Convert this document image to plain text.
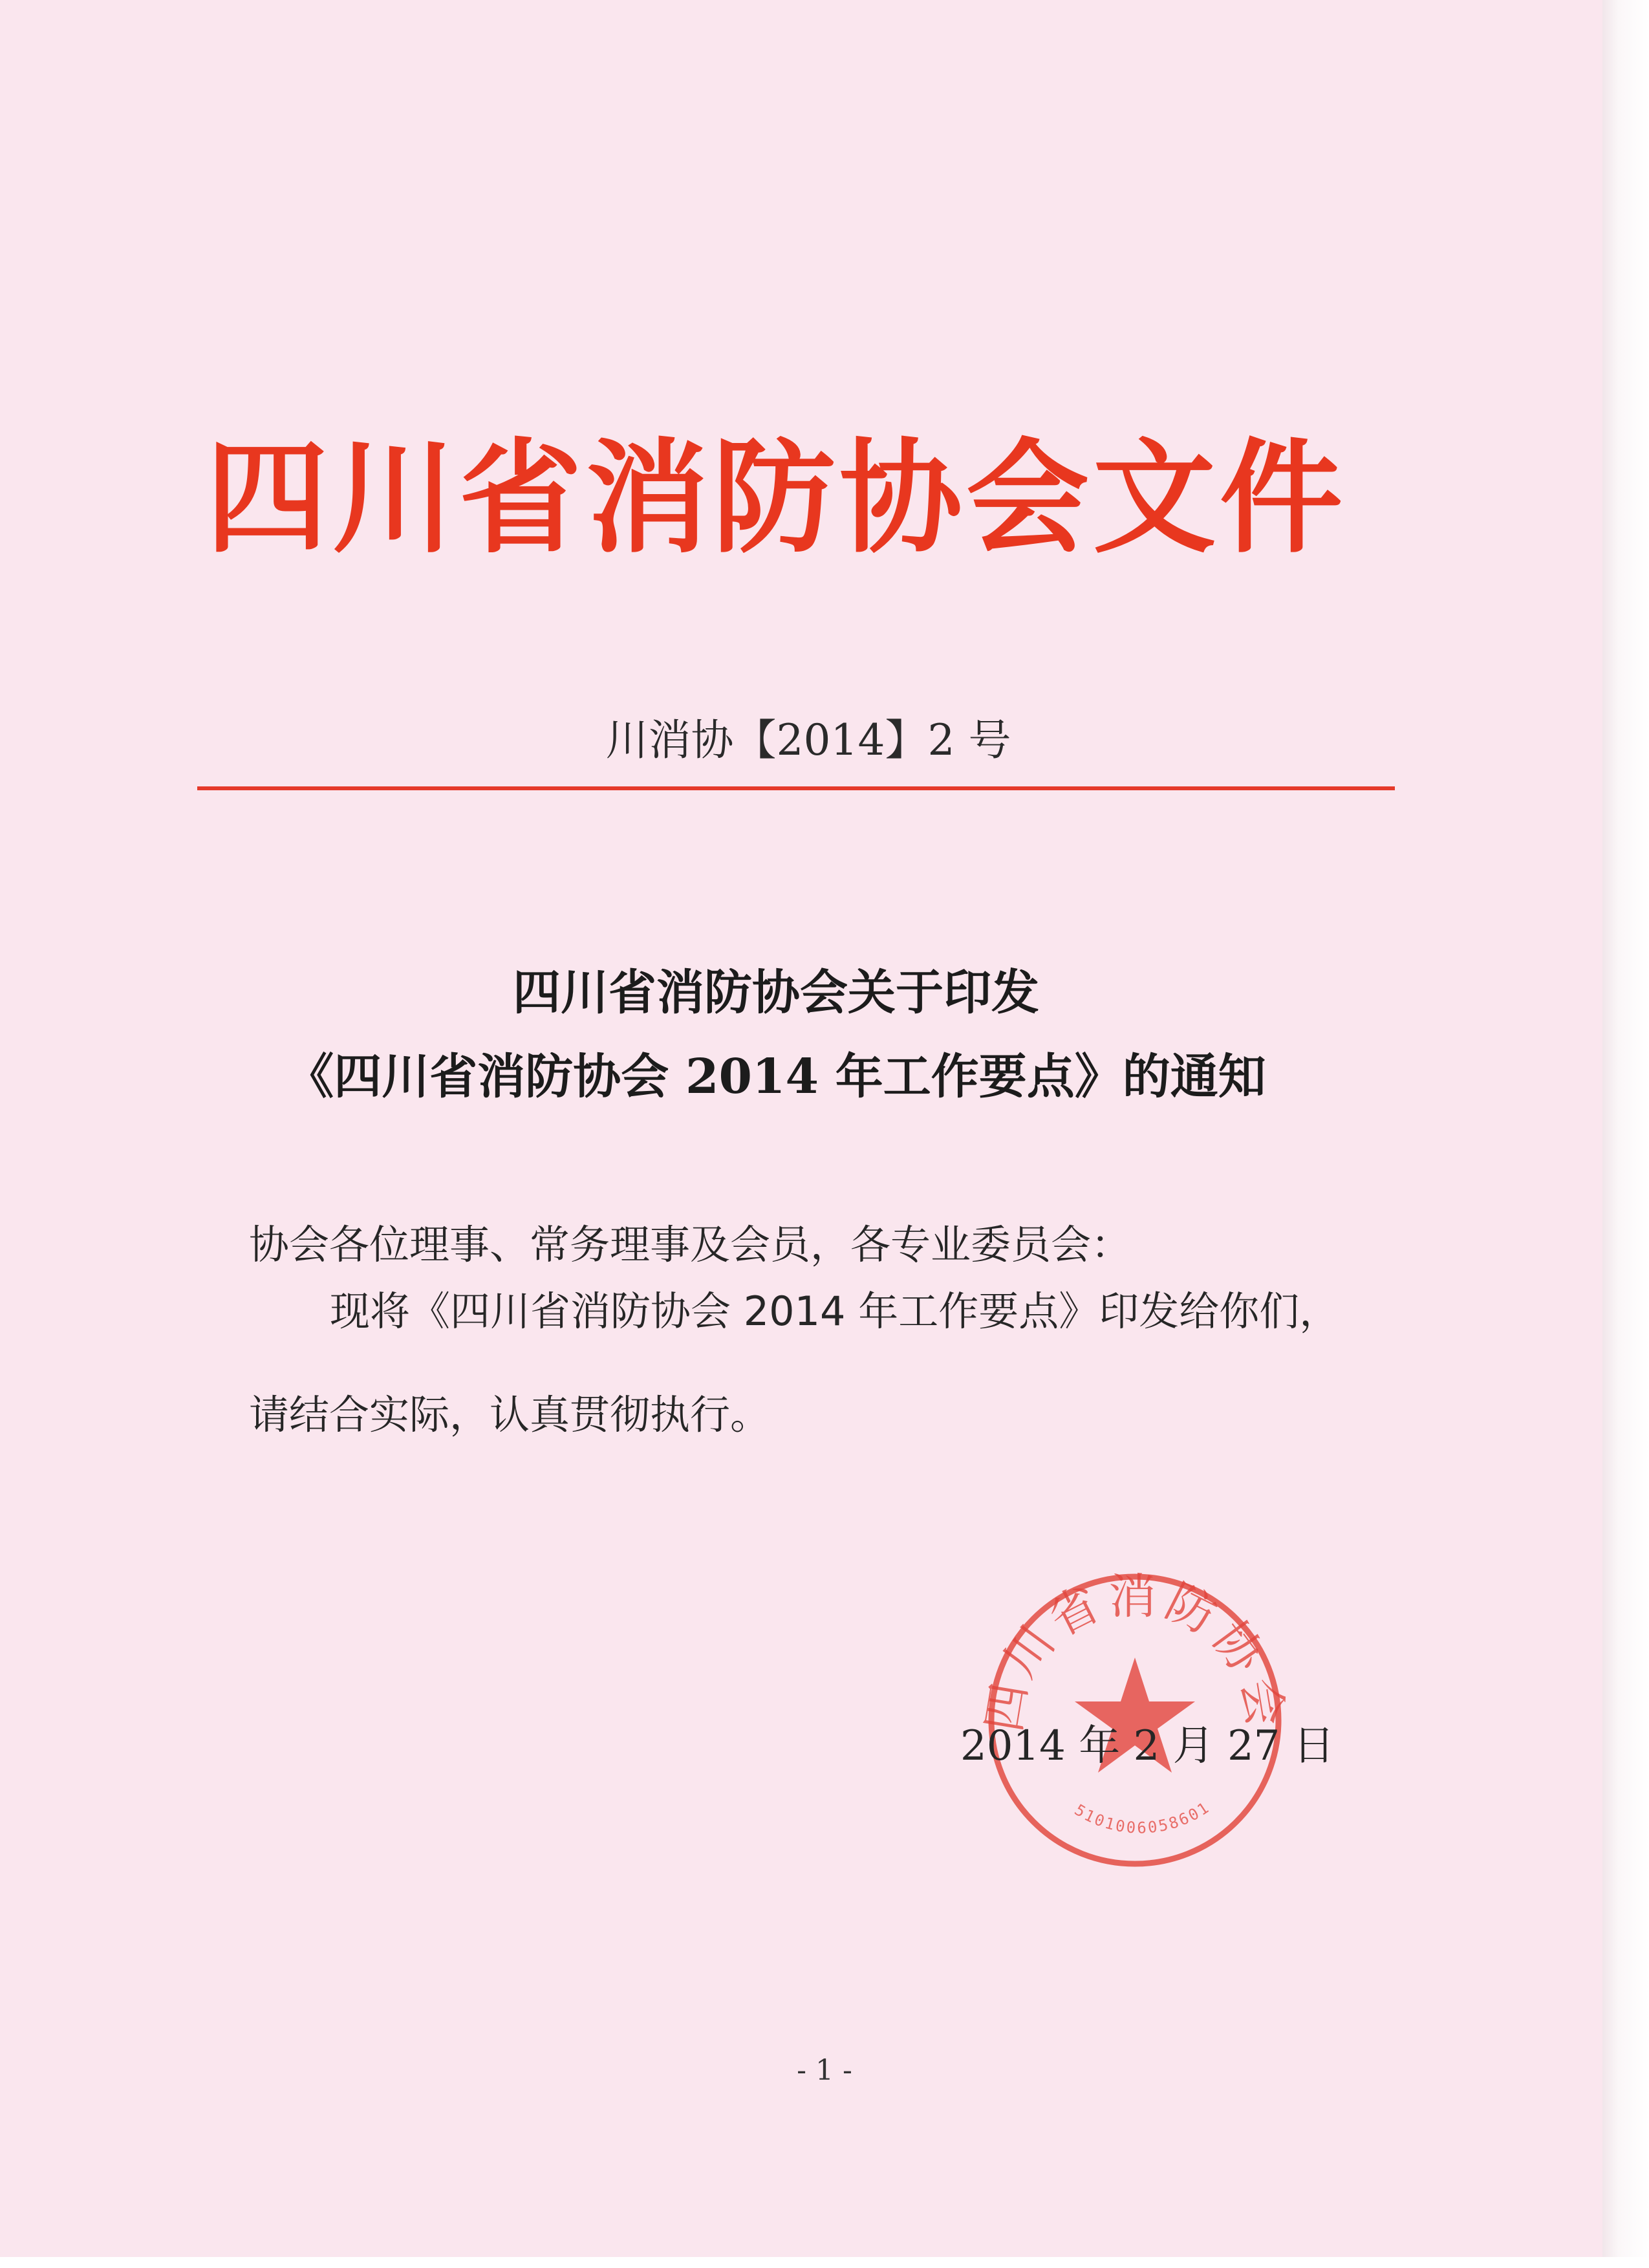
四川省消防协会文件
川消协【2014】2 号
四川省消防协会关于印发
《四川省消防协会 2014 年工作要点》的通知
协会各位理事、常务理事及会员，各专业委员会：
现将《四川省消防协会 2014 年工作要点》印发给你们，
请结合实际，认真贯彻执行。
四川省消防协会
5101006058601
2014 年 2 月 27 日
- 1 -
